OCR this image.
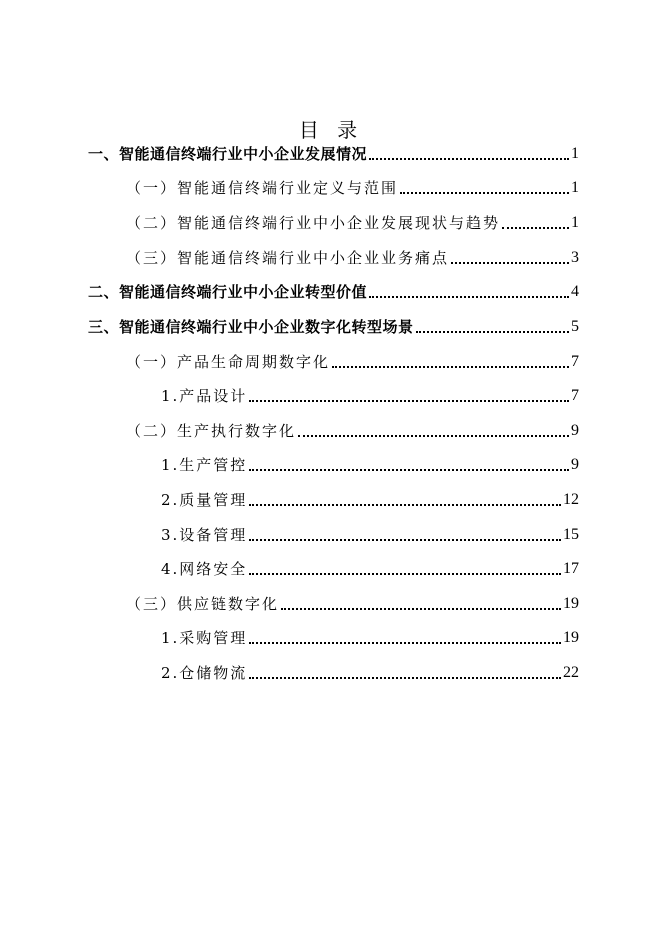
目 录
一、智能通信终端行业中小企业发展情况	1
（一）智能通信终端行业定义与范围	1
（二）智能通信终端行业中小企业发展现状与趋势	1
（三）智能通信终端行业中小企业业务痛点	3
二、智能通信终端行业中小企业转型价值	4
三、智能通信终端行业中小企业数字化转型场景	5
（一）产品生命周期数字化	7
1.产品设计	7
（二）生产执行数字化	9
1.生产管控	9
2.质量管理	12
3.设备管理	15
4.网络安全	17
（三）供应链数字化	19
1.采购管理	19
2.仓储物流	22
